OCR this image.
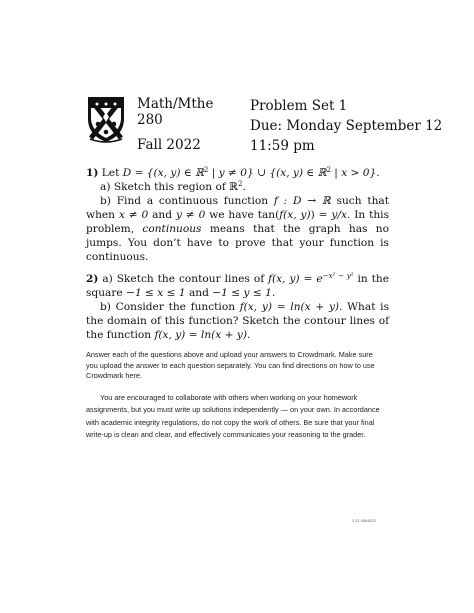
Math/Mthe
280
Fall 2022
Problem Set 1
Due: Monday September 12
11:59 pm

1) Let D = {(x, y) ∈ ℝ$^2$ | y ≠ 0} ∪ {(x, y) ∈ ℝ$^2$ | x > 0}.

a) Sketch this region of ℝ$^2$.

b) Find a continuous function f : D → ℝ such that when x ≠ 0 and y ≠ 0 we have tan(f(x, y)) = y/x. In this problem, continuous means that the graph has no jumps. You don’t have to prove that your function is continuous.

2) a) Sketch the contour lines of f(x, $y) = e^{-x^2 - y^2}$ in the square −1 ≤ x ≤ 1 and −1 ≤ y ≤ 1.

b) Consider the function f(x, y) = ln(x + y). What is the domain of this function? Sketch the contour lines of the function f(x, y) = ln(x + y).

Answer each of the questions above and upload your answers to Crowdmark. Make sure you upload the answer to each question separately. You can find directions on how to use Crowdmark here.

You are encouraged to collaborate with others when working on your homework assignments, but you must write up solutions independently — on your own. In accordance with academic integrity regulations, do not copy the work of others. Be sure that your final write-up is clean and clear, and effectively communicates your reasoning to the grader.

2.21.4666022
